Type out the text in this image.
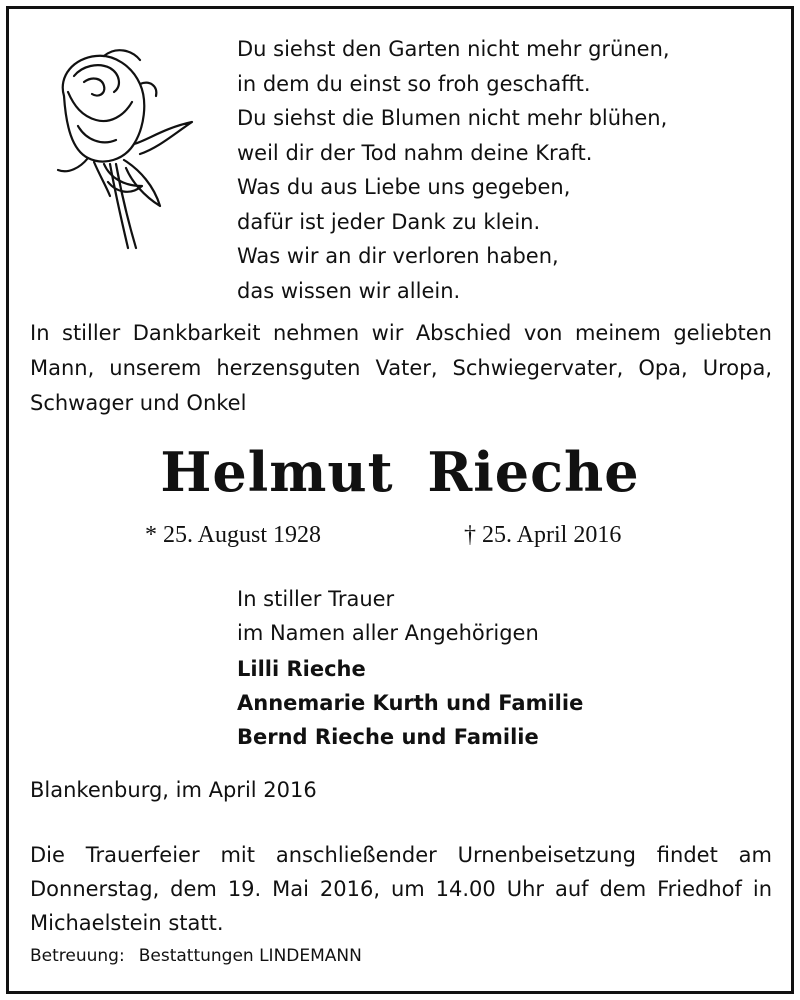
Du siehst den Garten nicht mehr grünen,
in dem du einst so froh geschafft.
Du siehst die Blumen nicht mehr blühen,
weil dir der Tod nahm deine Kraft.
Was du aus Liebe uns gegeben,
dafür ist jeder Dank zu klein.
Was wir an dir verloren haben,
das wissen wir allein.
In stiller Dankbarkeit nehmen wir Abschied von meinem geliebten Mann, unserem herzensguten Vater, Schwiegervater, Opa, Uropa, Schwager und Onkel
Helmut Rieche
* 25. August 1928	† 25. April 2016
In stiller Trauer
im Namen aller Angehörigen
Lilli Rieche
Annemarie Kurth und Familie
Bernd Rieche und Familie
Blankenburg, im April 2016
Die Trauerfeier mit anschließender Urnenbeisetzung findet am Donnerstag, dem 19. Mai 2016, um 14.00 Uhr auf dem Friedhof in Michaelstein statt.
Betreuung: Bestattungen LINDEMANN
